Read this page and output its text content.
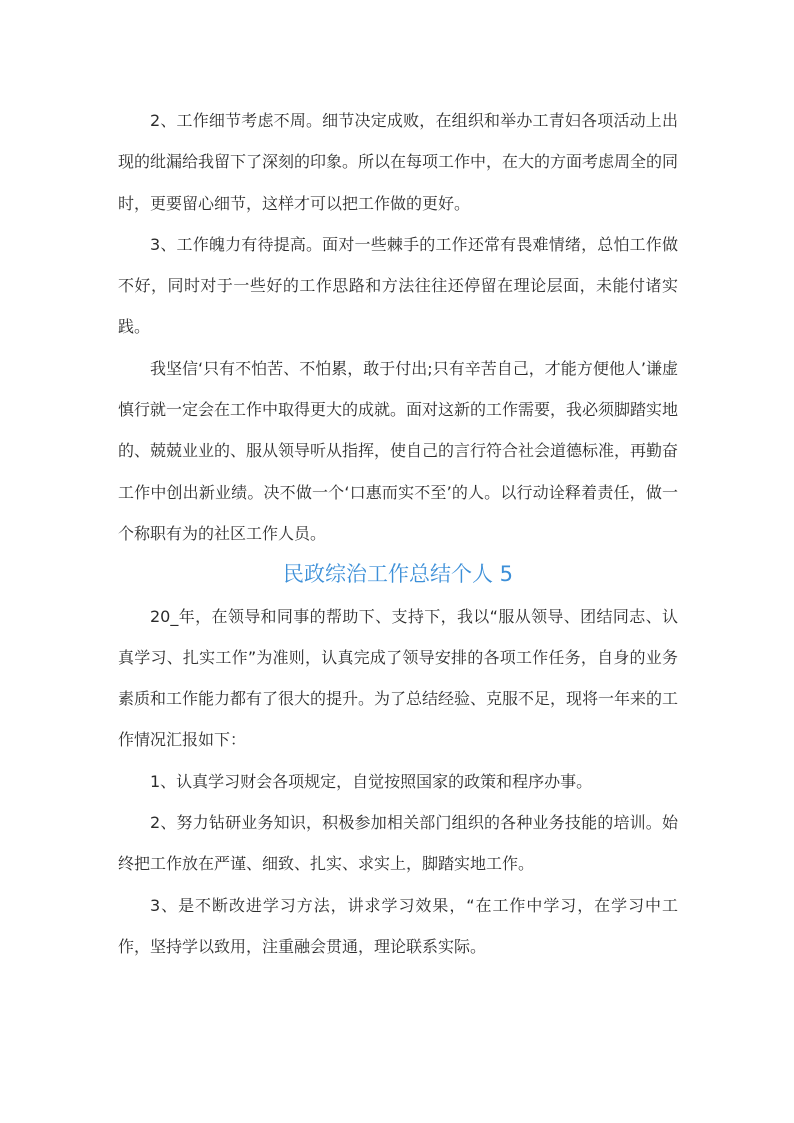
2、工作细节考虑不周。细节决定成败，在组织和举办工青妇各项活动上出现的纰漏给我留下了深刻的印象。所以在每项工作中，在大的方面考虑周全的同时，更要留心细节，这样才可以把工作做的更好。

3、工作魄力有待提高。面对一些棘手的工作还常有畏难情绪，总怕工作做不好，同时对于一些好的工作思路和方法往往还停留在理论层面，未能付诸实践。

我坚信‘只有不怕苦、不怕累，敢于付出;只有辛苦自己，才能方便他人’谦虚慎行就一定会在工作中取得更大的成就。面对这新的工作需要，我必须脚踏实地的、兢兢业业的、服从领导听从指挥，使自己的言行符合社会道德标准，再勤奋工作中创出新业绩。决不做一个‘口惠而实不至’的人。以行动诠释着责任，做一个称职有为的社区工作人员。

民政综治工作总结个人 5

20_年，在领导和同事的帮助下、支持下，我以“服从领导、团结同志、认真学习、扎实工作”为准则，认真完成了领导安排的各项工作任务，自身的业务素质和工作能力都有了很大的提升。为了总结经验、克服不足，现将一年来的工作情况汇报如下：

1、认真学习财会各项规定，自觉按照国家的政策和程序办事。

2、努力钻研业务知识，积极参加相关部门组织的各种业务技能的培训。始终把工作放在严谨、细致、扎实、求实上，脚踏实地工作。

3、是不断改进学习方法，讲求学习效果，“在工作中学习，在学习中工作，坚持学以致用，注重融会贯通，理论联系实际。
